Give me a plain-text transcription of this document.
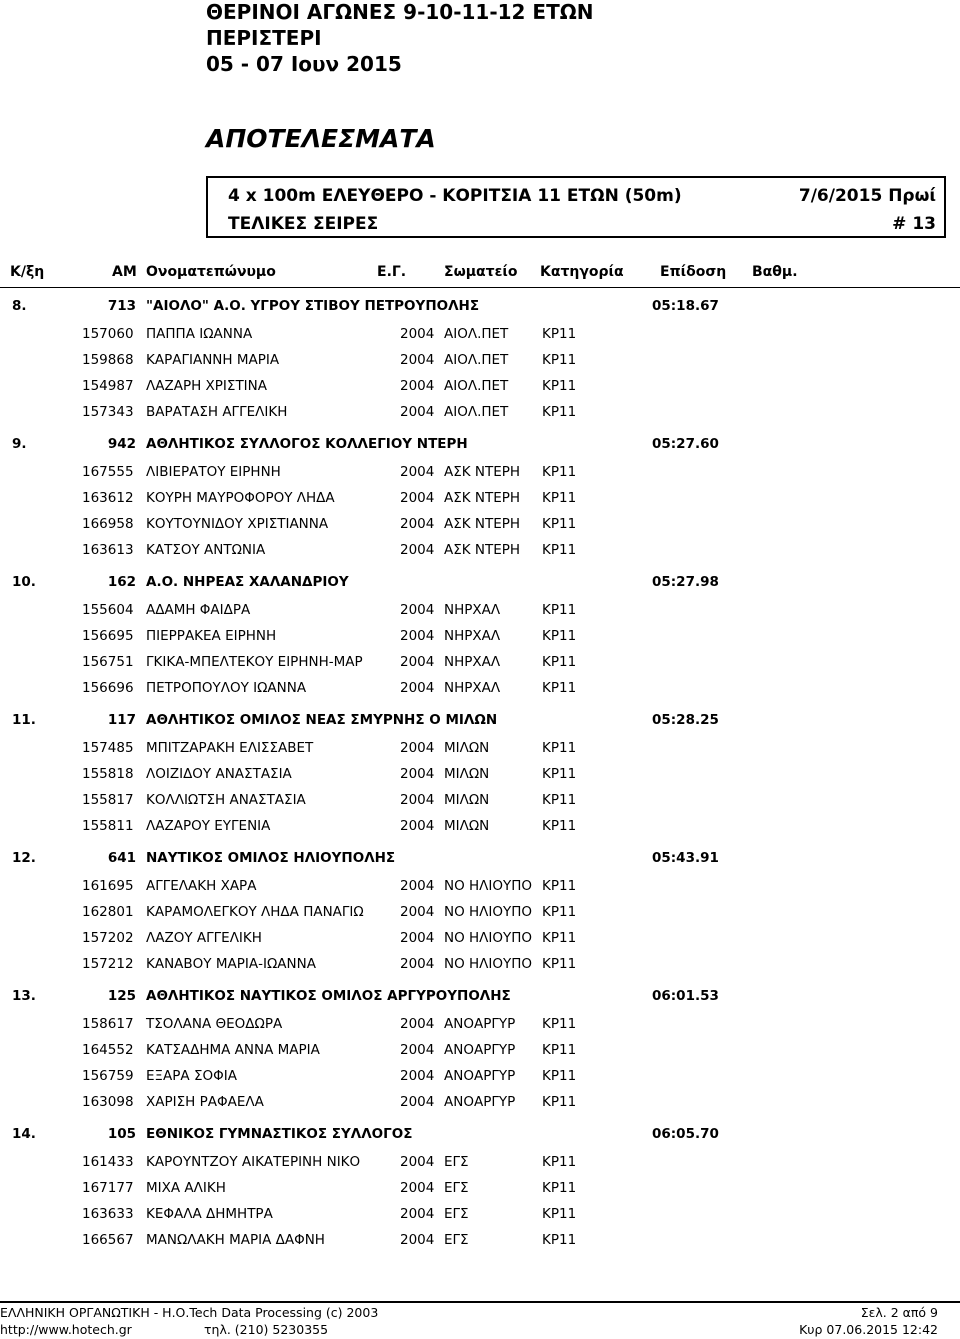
ΘΕΡΙΝΟΙ ΑΓΩΝΕΣ 9-10-11-12 ΕΤΩΝ
ΠΕΡΙΣΤΕΡΙ
05 - 07 Ιουν 2015
ΑΠΟΤΕΛΕΣΜΑΤΑ
4 x 100m ΕΛΕΥΘΕΡΟ - ΚΟΡΙΤΣΙΑ 11 ΕΤΩΝ (50m)	7/6/2015 Πρωί
ΤΕΛΙΚΕΣ ΣΕΙΡΕΣ	# 13
Κ/ξη	ΑΜ Ονοματεπώνυμο	Ε.Γ.	Σωματείο Κατηγορία	Επίδοση Βαθμ.
8.	713 "ΑΙΟΛΟ" Α.Ο. ΥΓΡΟΥ ΣΤΙΒΟΥ ΠΕΤΡΟΥΠΟΛΗΣ	05:18.67
157060 ΠΑΠΠΑ ΙΩΑΝΝΑ	2004 ΑΙΟΛ.ΠΕΤ ΚΡ11
159868 ΚΑΡΑΓΙΑΝΝΗ ΜΑΡΙΑ	2004 ΑΙΟΛ.ΠΕΤ ΚΡ11
154987 ΛΑΖΑΡΗ ΧΡΙΣΤΙΝΑ	2004 ΑΙΟΛ.ΠΕΤ ΚΡ11
157343 ΒΑΡΑΤΑΣΗ ΑΓΓΕΛΙΚΗ	2004 ΑΙΟΛ.ΠΕΤ ΚΡ11
9.	942 ΑΘΛΗΤΙΚΟΣ ΣΥΛΛΟΓΟΣ ΚΟΛΛΕΓΙΟΥ ΝΤΕΡΗ	05:27.60
167555 ΛΙΒΙΕΡΑΤΟΥ ΕΙΡΗΝΗ	2004 ΑΣΚ ΝΤΕΡΗ ΚΡ11
163612 ΚΟΥΡΗ ΜΑΥΡΟΦΟΡΟΥ ΛΗΔΑ	2004 ΑΣΚ ΝΤΕΡΗ ΚΡ11
166958 ΚΟΥΤΟΥΝΙΔΟΥ ΧΡΙΣΤΙΑΝΝΑ	2004 ΑΣΚ ΝΤΕΡΗ ΚΡ11
163613 ΚΑΤΣΟΥ ΑΝΤΩΝΙΑ	2004 ΑΣΚ ΝΤΕΡΗ ΚΡ11
10.	162 Α.Ο. ΝΗΡΕΑΣ ΧΑΛΑΝΔΡΙΟΥ	05:27.98
155604 ΑΔΑΜΗ ΦΑΙΔΡΑ	2004 ΝΗΡΧΑΛ	ΚΡ11
156695 ΠΙΕΡΡΑΚΕΑ ΕΙΡΗΝΗ	2004 ΝΗΡΧΑΛ	ΚΡ11
156751 ΓΚΙΚΑ-ΜΠΕΛΤΕΚΟΥ ΕΙΡΗΝΗ-ΜΑΡ	2004 ΝΗΡΧΑΛ	ΚΡ11
156696 ΠΕΤΡΟΠΟΥΛΟΥ ΙΩΑΝΝΑ	2004 ΝΗΡΧΑΛ	ΚΡ11
11.	117 ΑΘΛΗΤΙΚΟΣ ΟΜΙΛΟΣ ΝΕΑΣ ΣΜΥΡΝΗΣ Ο ΜΙΛΩΝ	05:28.25
157485 ΜΠΙΤΖΑΡΑΚΗ ΕΛΙΣΣΑΒΕΤ	2004 ΜΙΛΩΝ	ΚΡ11
155818 ΛΟΙΖΙΔΟΥ ΑΝΑΣΤΑΣΙΑ	2004 ΜΙΛΩΝ	ΚΡ11
155817 ΚΟΛΛΙΩΤΣΗ ΑΝΑΣΤΑΣΙΑ	2004 ΜΙΛΩΝ	ΚΡ11
155811 ΛΑΖΑΡΟΥ ΕΥΓΕΝΙΑ	2004 ΜΙΛΩΝ	ΚΡ11
12.	641 ΝΑΥΤΙΚΟΣ ΟΜΙΛΟΣ ΗΛΙΟΥΠΟΛΗΣ	05:43.91
161695 ΑΓΓΕΛΑΚΗ ΧΑΡΑ	2004 ΝΟ ΗΛΙΟΥΠΟ ΚΡ11
162801 ΚΑΡΑΜΟΛΕΓΚΟΥ ΛΗΔΑ ΠΑΝΑΓΙΩ	2004 ΝΟ ΗΛΙΟΥΠΟ ΚΡ11
157202 ΛΑΖΟΥ ΑΓΓΕΛΙΚΗ	2004 ΝΟ ΗΛΙΟΥΠΟ ΚΡ11
157212 ΚΑΝΑΒΟΥ ΜΑΡΙΑ-ΙΩΑΝΝΑ	2004 ΝΟ ΗΛΙΟΥΠΟ ΚΡ11
13.	125 ΑΘΛΗΤΙΚΟΣ ΝΑΥΤΙΚΟΣ ΟΜΙΛΟΣ ΑΡΓΥΡΟΥΠΟΛΗΣ	06:01.53
158617 ΤΣΟΛΑΝΑ ΘΕΟΔΩΡΑ	2004 ΑΝΟΑΡΓΥΡ ΚΡ11
164552 ΚΑΤΣΑΔΗΜΑ ΑΝΝΑ ΜΑΡΙΑ	2004 ΑΝΟΑΡΓΥΡ ΚΡ11
156759 ΕΞΑΡΑ ΣΟΦΙΑ	2004 ΑΝΟΑΡΓΥΡ ΚΡ11
163098 ΧΑΡΙΣΗ ΡΑΦΑΕΛΑ	2004 ΑΝΟΑΡΓΥΡ ΚΡ11
14.	105 ΕΘΝΙΚΟΣ ΓΥΜΝΑΣΤΙΚΟΣ ΣΥΛΛΟΓΟΣ	06:05.70
161433 ΚΑΡΟΥΝΤΖΟΥ ΑΙΚΑΤΕΡΙΝΗ ΝΙΚΟ	2004 ΕΓΣ	ΚΡ11
167177 ΜΙΧΑ ΑΛΙΚΗ	2004 ΕΓΣ	ΚΡ11
163633 ΚΕΦΑΛΑ ΔΗΜΗΤΡΑ	2004 ΕΓΣ	ΚΡ11
166567 ΜΑΝΩΛΑΚΗ ΜΑΡΙΑ ΔΑΦΝΗ	2004 ΕΓΣ	ΚΡ11
ΕΛΛΗΝΙΚΗ ΟΡΓΑΝΩΤΙΚΗ - Η.Ο.Tech Data Processing (c) 2003
http://www.hotech.gr	τηλ. (210) 5230355
Σελ. 2 από 9
Κυρ 07.06.2015 12:42
